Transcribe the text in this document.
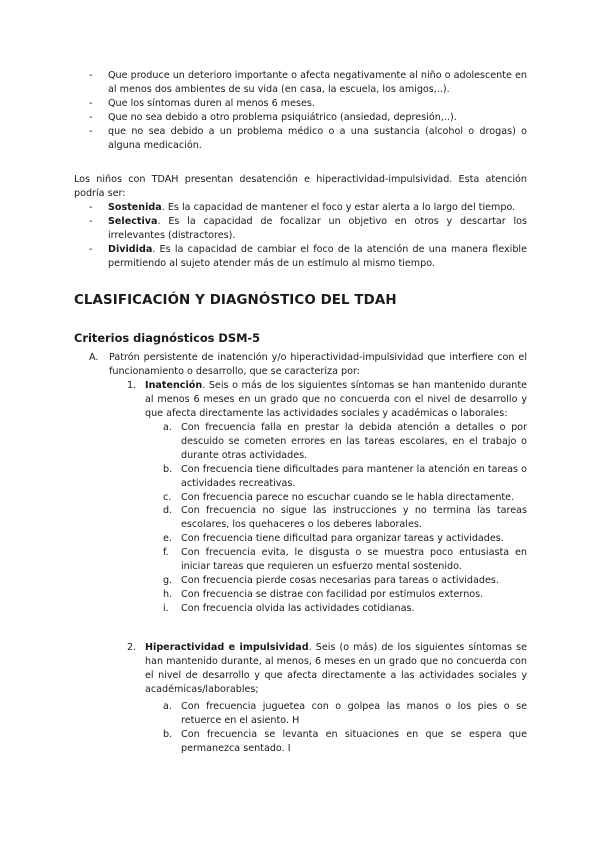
- Que produce un deterioro importante o afecta negativamente al niño o adolescente en al menos dos ambientes de su vida (en casa, la escuela, los amigos,..).
- Que los síntomas duren al menos 6 meses.
- Que no sea debido a otro problema psiquiátrico (ansiedad, depresión,..).
- que no sea debido a un problema médico o a una sustancia (alcohol o drogas) o alguna medicación.

Los niños con TDAH presentan desatención e hiperactividad-impulsividad. Esta atención podría ser:

- Sostenida. Es la capacidad de mantener el foco y estar alerta a lo largo del tiempo.
- Selectiva. Es la capacidad de focalizar un objetivo en otros y descartar los irrelevantes (distractores).
- Dividida. Es la capacidad de cambiar el foco de la atención de una manera flexible permitiendo al sujeto atender más de un estímulo al mismo tiempo.
CLASIFICACIÓN Y DIAGNÓSTICO DEL TDAH
Criterios diagnósticos DSM-5
A. Patrón persistente de inatención y/o hiperactividad-impulsividad que interfiere con el funcionamiento o desarrollo, que se caracteriza por:
1. Inatención. Seis o más de los siguientes síntomas se han mantenido durante al menos 6 meses en un grado que no concuerda con el nivel de desarrollo y que afecta directamente las actividades sociales y académicas o laborales:
a. Con frecuencia falla en prestar la debida atención a detalles o por descuido se cometen errores en las tareas escolares, en el trabajo o durante otras actividades.
b. Con frecuencia tiene dificultades para mantener la atención en tareas o actividades recreativas.
c. Con frecuencia parece no escuchar cuando se le habla directamente.
d. Con frecuencia no sigue las instrucciones y no termina las tareas escolares, los quehaceres o los deberes laborales.
e. Con frecuencia tiene dificultad para organizar tareas y actividades.
f. Con frecuencia evita, le disgusta o se muestra poco entusiasta en iniciar tareas que requieren un esfuerzo mental sostenido.
g. Con frecuencia pierde cosas necesarias para tareas o actividades.
h. Con frecuencia se distrae con facilidad por estímulos externos.
i. Con frecuencia olvida las actividades cotidianas.
2. Hiperactividad e impulsividad. Seis (o más) de los siguientes síntomas se han mantenido durante, al menos, 6 meses en un grado que no concuerda con el nivel de desarrollo y que afecta directamente a las actividades sociales y académicas/laborables;
a. Con frecuencia juguetea con o golpea las manos o los pies o se retuerce en el asiento. H
b. Con frecuencia se levanta en situaciones en que se espera que permanezca sentado. I
